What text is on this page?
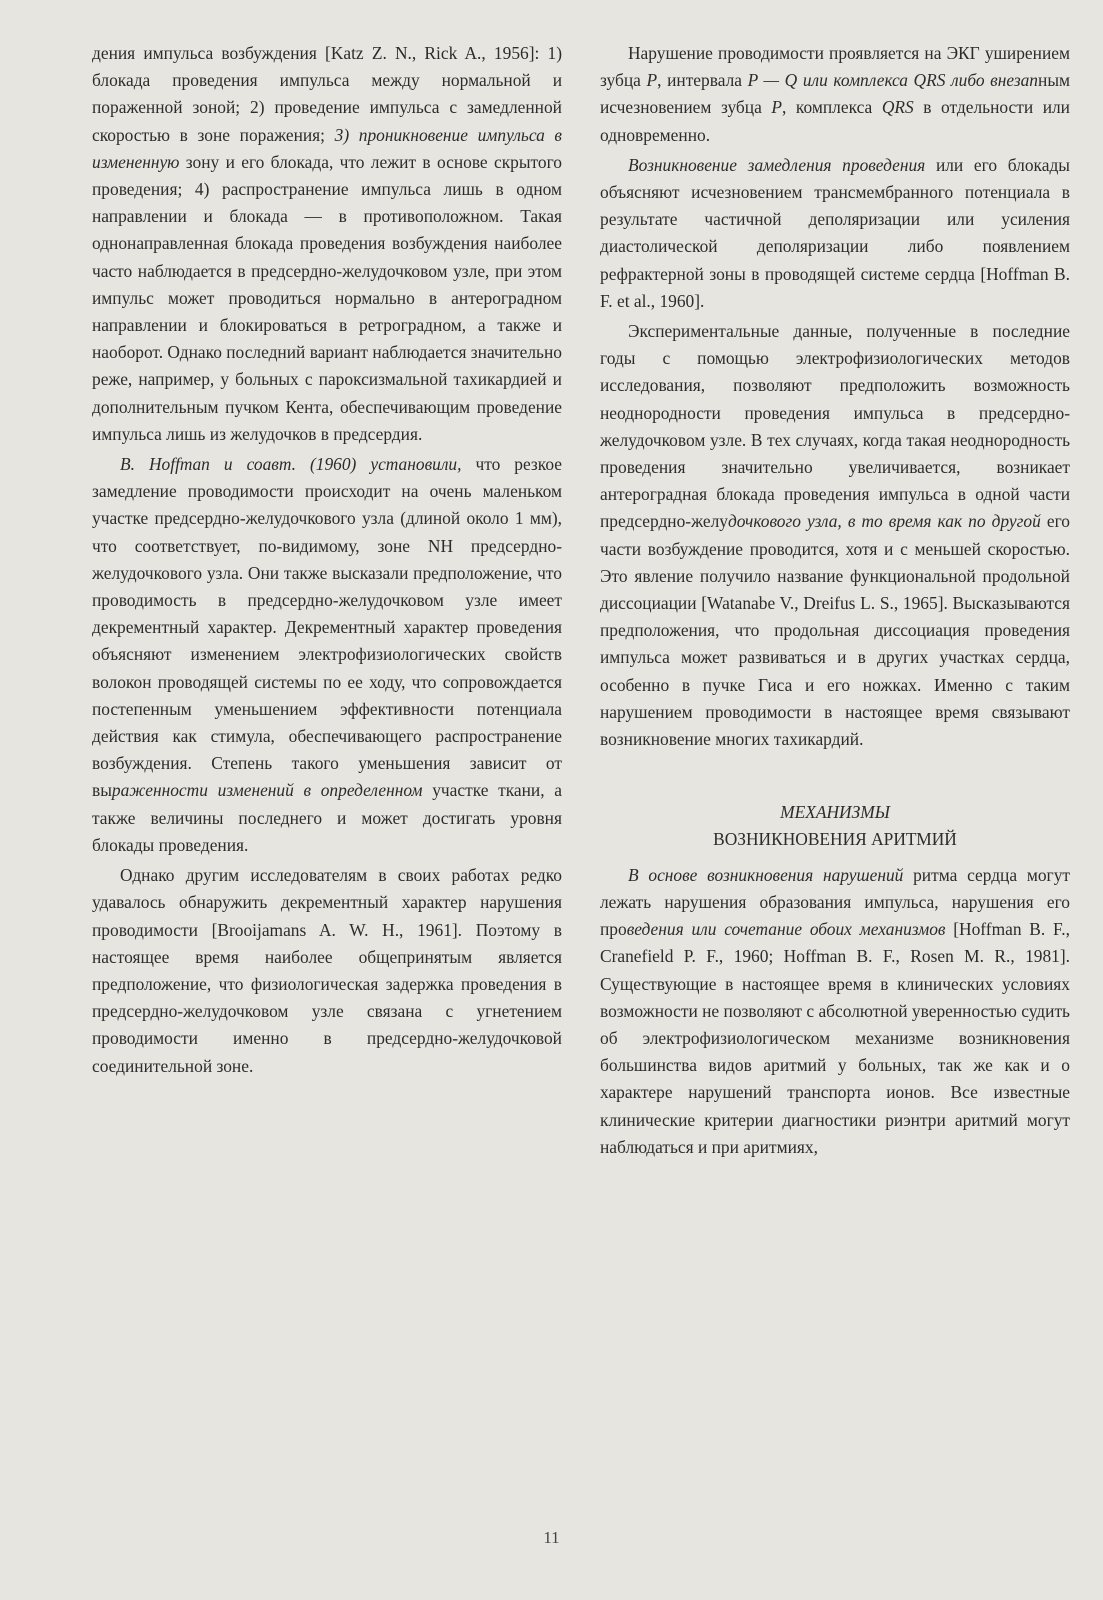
дения импульса возбуждения [Katz Z. N., Rick A., 1956]: 1) блокада проведения импульса между нормальной и пораженной зоной; 2) проведение импульса с замедленной скоростью в зоне поражения; 3) проникновение импульса в измененную зону и его блокада, что лежит в основе скрытого проведения; 4) распространение импульса лишь в одном направлении и блокада — в противоположном. Такая однонаправленная блокада проведения возбуждения наиболее часто наблюдается в предсердно-желудочковом узле, при этом импульс может проводиться нормально в антероградном направлении и блокироваться в ретроградном, а также и наоборот. Однако последний вариант наблюдается значительно реже, например, у больных с пароксизмальной тахикардией и дополнительным пучком Кента, обеспечивающим проведение импульса лишь из желудочков в предсердия.

B. Hoffman и соавт. (1960) установили, что резкое замедление проводимости происходит на очень маленьком участке предсердно-желудочкового узла (длиной около 1 мм), что соответствует, по-видимому, зоне NH предсердно-желудочкового узла. Они также высказали предположение, что проводимость в предсердно-желудочковом узле имеет декрементный характер. Декрементный характер проведения объясняют изменением электрофизиологических свойств волокон проводящей системы по ее ходу, что сопровождается постепенным уменьшением эффективности потенциала действия как стимула, обеспечивающего распространение возбуждения. Степень такого уменьшения зависит от выраженности изменений в определенном участке ткани, а также величины последнего и может достигать уровня блокады проведения.

Однако другим исследователям в своих работах редко удавалось обнаружить декрементный характер нарушения проводимости [Brooijamans A. W. H., 1961]. Поэтому в настоящее время наиболее общепринятым является предположение, что физиологическая задержка проведения в предсердно-желудочковом узле связана с угнетением проводимости именно в предсердно-желудочковой соединительной зоне.

Нарушение проводимости проявляется на ЭКГ уширением зубца P, интервала P — Q или комплекса QRS либо внезапным исчезновением зубца P, комплекса QRS в отдельности или одновременно.

Возникновение замедления проведения или его блокады объясняют исчезновением трансмембранного потенциала в результате частичной деполяризации или усиления диастолической деполяризации либо появлением рефрактерной зоны в проводящей системе сердца [Hoffman B. F. et al., 1960].

Экспериментальные данные, полученные в последние годы с помощью электрофизиологических методов исследования, позволяют предположить возможность неоднородности проведения импульса в предсердно-желудочковом узле. В тех случаях, когда такая неоднородность проведения значительно увеличивается, возникает антероградная блокада проведения импульса в одной части предсердно-желудочкового узла, в то время как по другой его части возбуждение проводится, хотя и с меньшей скоростью. Это явление получило название функциональной продольной диссоциации [Watanabe V., Dreifus L. S., 1965]. Высказываются предположения, что продольная диссоциация проведения импульса может развиваться и в других участках сердца, особенно в пучке Гиса и его ножках. Именно с таким нарушением проводимости в настоящее время связывают возникновение многих тахикардий.

МЕХАНИЗМЫ
ВОЗНИКНОВЕНИЯ АРИТМИЙ

В основе возникновения нарушений ритма сердца могут лежать нарушения образования импульса, нарушения его проведения или сочетание обоих механизмов [Hoffman B. F., Cranefield P. F., 1960; Hoffman B. F., Rosen M. R., 1981]. Существующие в настоящее время в клинических условиях возможности не позволяют с абсолютной уверенностью судить об электрофизиологическом механизме возникновения большинства видов аритмий у больных, так же как и о характере нарушений транспорта ионов. Все известные клинические критерии диагностики риэнтри аритмий могут наблюдаться и при аритмиях,

11
